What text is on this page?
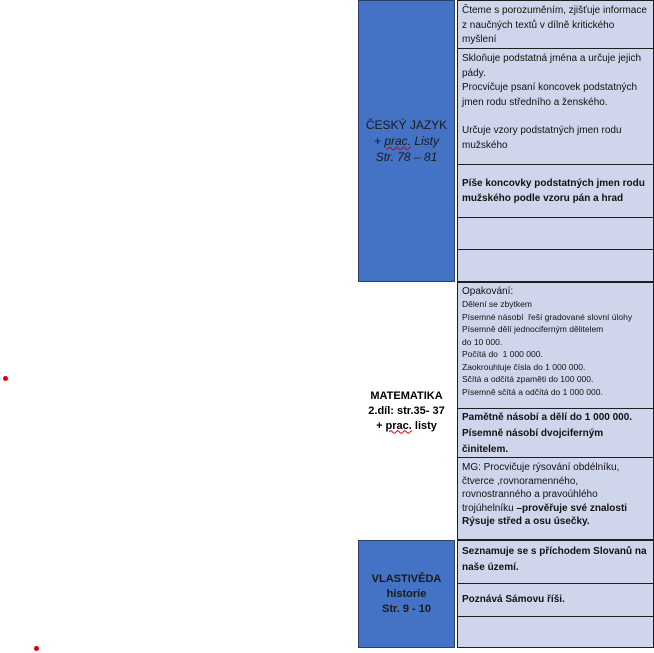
ČESKÝ JAZYK
+ prac. Listy
Str. 78 – 81
Čteme s porozuměním, zjišťuje informace z naučných textů v dílně kritického myšlení
Skloňuje podstatná jména a určuje jejich pády.
Procvičuje psaní koncovek podstatných jmen rodu středního a ženského.
Určuje vzory podstatných jmen rodu mužského
Píše koncovky podstatných jmen rodu mužského podle vzoru pán a hrad
MATEMATIKA
2.díl: str.35- 37
+ prac. listy
Opakování:
Dělení se zbytkem
Písemné násobí  řeší gradované slovní úlohy
Písemně dělí jednociferným dělitelem
do 10 000.
Počítá do  1 000 000.
Zaokrouhluje čísla do 1 000 000.
Sčítá a odčítá zpaměti do 100 000.
Písemně sčítá a odčítá do 1 000 000.
Pamětně násobí a dělí do 1 000 000. Písemně násobí dvojciferným činitelem.
MG: Procvičuje rýsování obdélníku, čtverce ,rovnoramenného, rovnostranného a pravoúhlého trojúhelníku –prověřuje své znalosti
Rýsuje střed a osu úsečky.
VLASTIVĚDA
historie
Str. 9 - 10
Seznamuje se s příchodem Slovanů na naše území.
Poznává Sámovu říši.
